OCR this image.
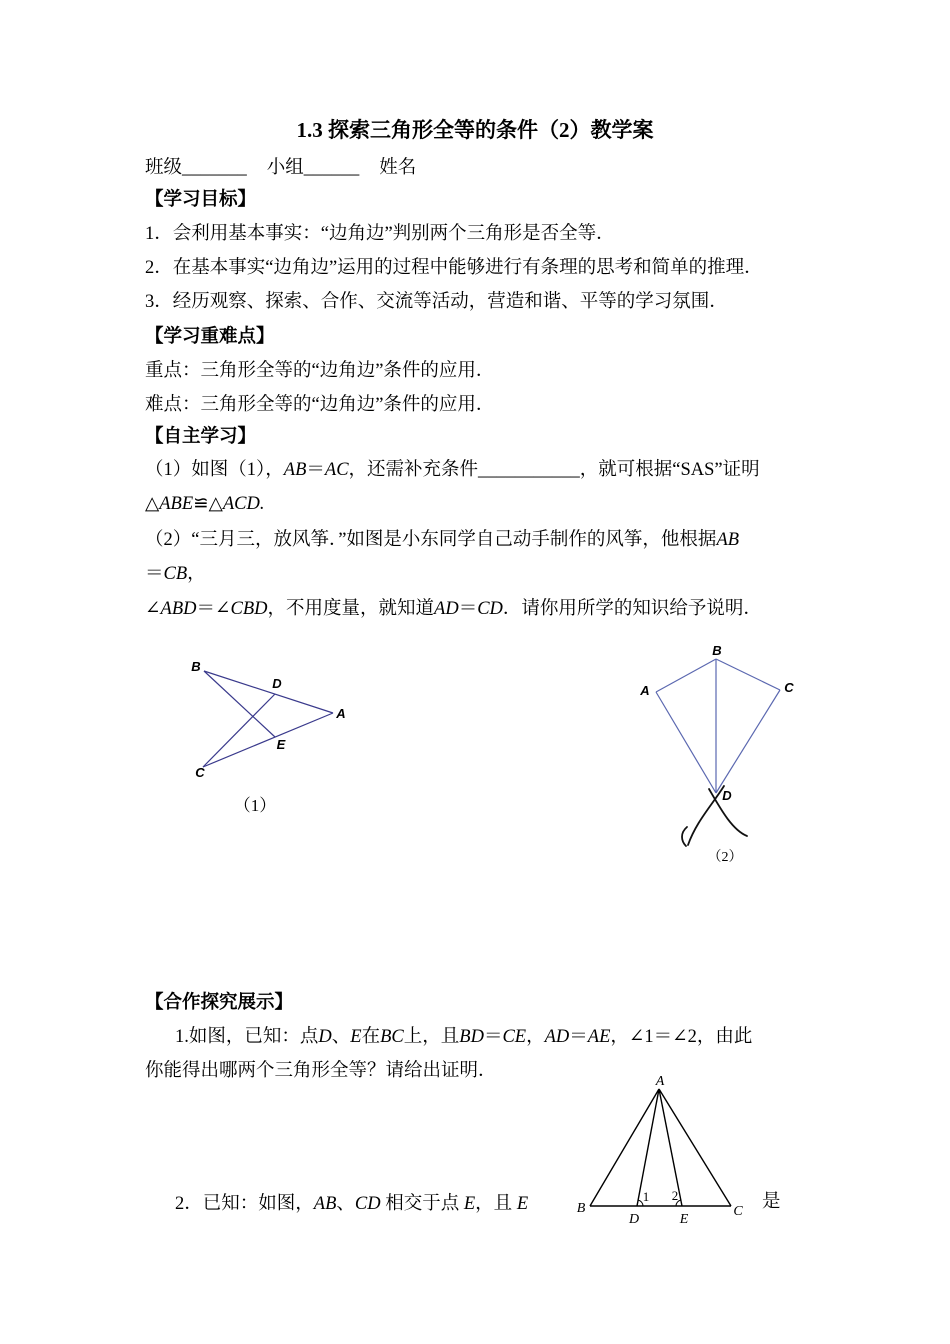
1.3 探索三角形全等的条件（2）教学案
班级_______ 小组______ 姓名
【学习目标】
1．会利用基本事实：“边角边”判别两个三角形是否全等．
2．在基本事实“边角边”运用的过程中能够进行有条理的思考和简单的推理．
3．经历观察、探索、合作、交流等活动，营造和谐、平等的学习氛围．
【学习重难点】
重点：三角形全等的“边角边”条件的应用．
难点：三角形全等的“边角边”条件的应用．
【自主学习】
（1）如图（1），AB＝AC，还需补充条件___________，就可根据“SAS”证明
△ABE≌△ACD.
（2）“三月三，放风筝．”如图是小东同学自己动手制作的风筝，他根据AB
＝CB，
∠ABD＝∠CBD，不用度量，就知道AD＝CD．请你用所学的知识给予说明．
B
D
A
E
C
（1）
B
A	C
D
（2）
【合作探究展示】
1.如图，已知：点D、E在BC上，且BD＝CE，AD＝AE，∠1＝∠2，由此
你能得出哪两个三角形全等？请给出证明．
2．已知：如图，AB、CD 相交于点 E，且 E	是
A
B
D	E
C
1 2
